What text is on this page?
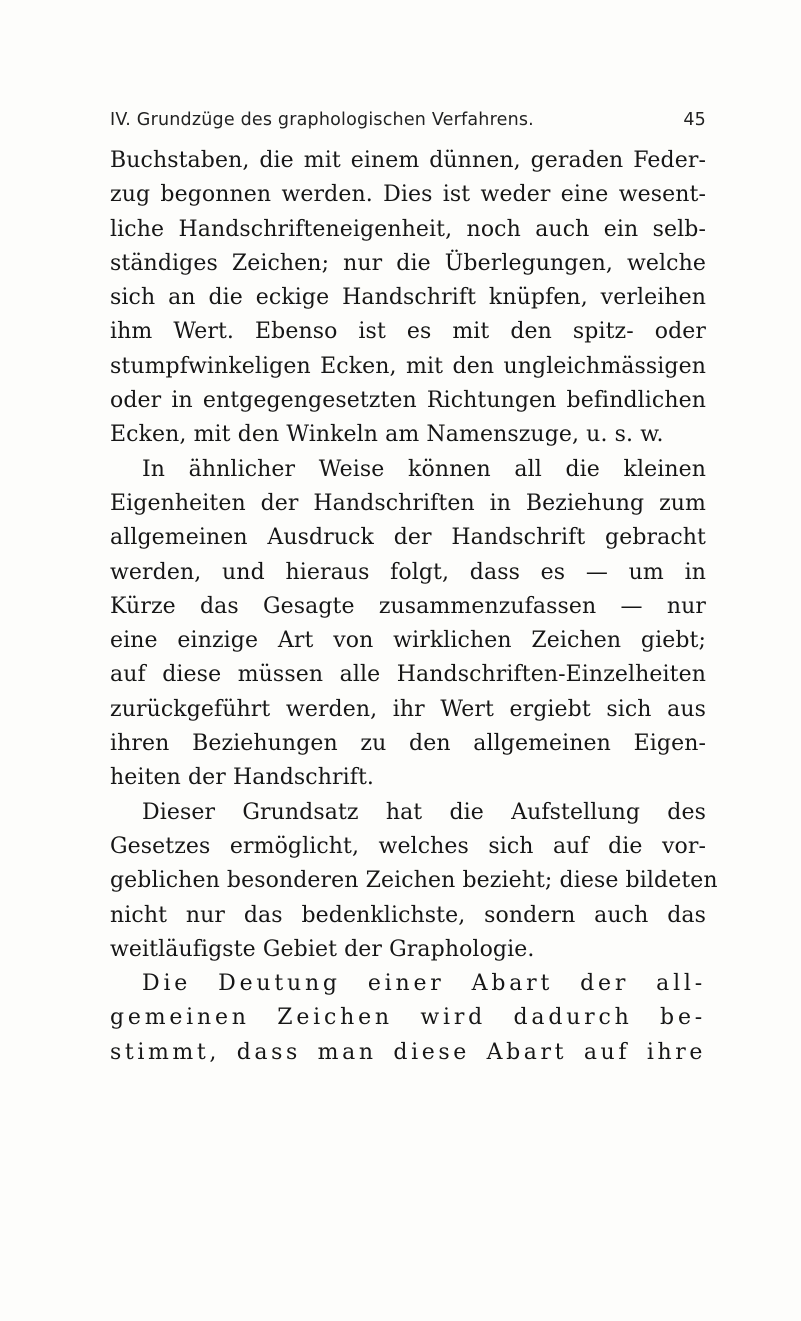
IV. Grundzüge des graphologischen Verfahrens.	45
Buchstaben, die mit einem dünnen, geraden Feder-
zug begonnen werden. Dies ist weder eine wesent-
liche Handschrifteneigenheit, noch auch ein selb-
ständiges Zeichen; nur die Überlegungen, welche
sich an die eckige Handschrift knüpfen, verleihen
ihm Wert. Ebenso ist es mit den spitz- oder
stumpfwinkeligen Ecken, mit den ungleichmässigen
oder in entgegengesetzten Richtungen befindlichen
Ecken, mit den Winkeln am Namenszuge, u. s. w.
In ähnlicher Weise können all die kleinen
Eigenheiten der Handschriften in Beziehung zum
allgemeinen Ausdruck der Handschrift gebracht
werden, und hieraus folgt, dass es — um in
Kürze das Gesagte zusammenzufassen — nur
eine einzige Art von wirklichen Zeichen giebt;
auf diese müssen alle Handschriften-Einzelheiten
zurückgeführt werden, ihr Wert ergiebt sich aus
ihren Beziehungen zu den allgemeinen Eigen-
heiten der Handschrift.
Dieser Grundsatz hat die Aufstellung des
Gesetzes ermöglicht, welches sich auf die vor-
geblichen besonderen Zeichen bezieht; diese bildeten
nicht nur das bedenklichste, sondern auch das
weitläufigste Gebiet der Graphologie.
Die Deutung einer Abart der all-
gemeinen Zeichen wird dadurch be-
stimmt, dass man diese Abart auf ihre
